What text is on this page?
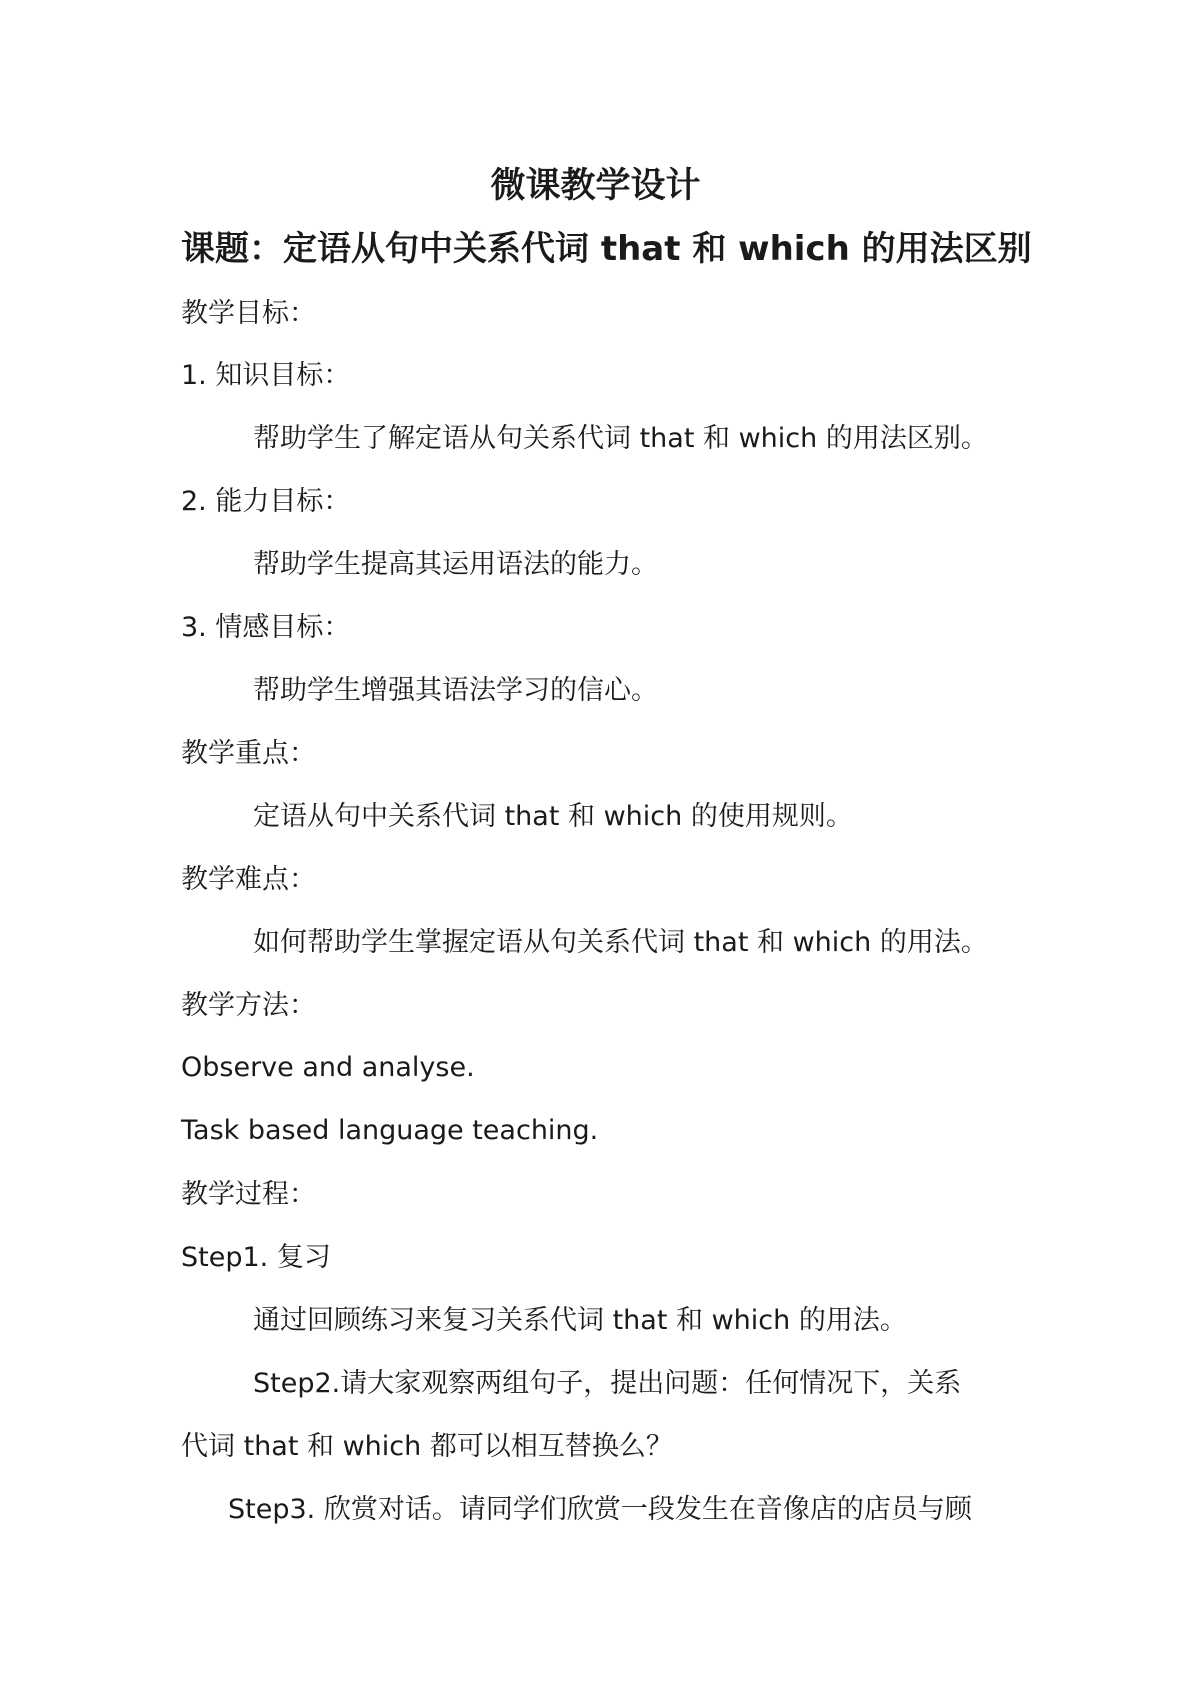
微课教学设计
课题：定语从句中关系代词 that 和 which 的用法区别
教学目标：
1. 知识目标：
帮助学生了解定语从句关系代词 that 和 which 的用法区别。
2. 能力目标：
帮助学生提高其运用语法的能力。
3. 情感目标：
帮助学生增强其语法学习的信心。
教学重点：
定语从句中关系代词 that 和 which 的使用规则。
教学难点：
如何帮助学生掌握定语从句关系代词 that 和 which 的用法。
教学方法：
Observe and analyse.
Task based language teaching.
教学过程：
Step1. 复习
通过回顾练习来复习关系代词 that 和 which 的用法。
Step2.请大家观察两组句子，提出问题：任何情况下，关系
代词 that 和 which 都可以相互替换么？
Step3. 欣赏对话。请同学们欣赏一段发生在音像店的店员与顾
